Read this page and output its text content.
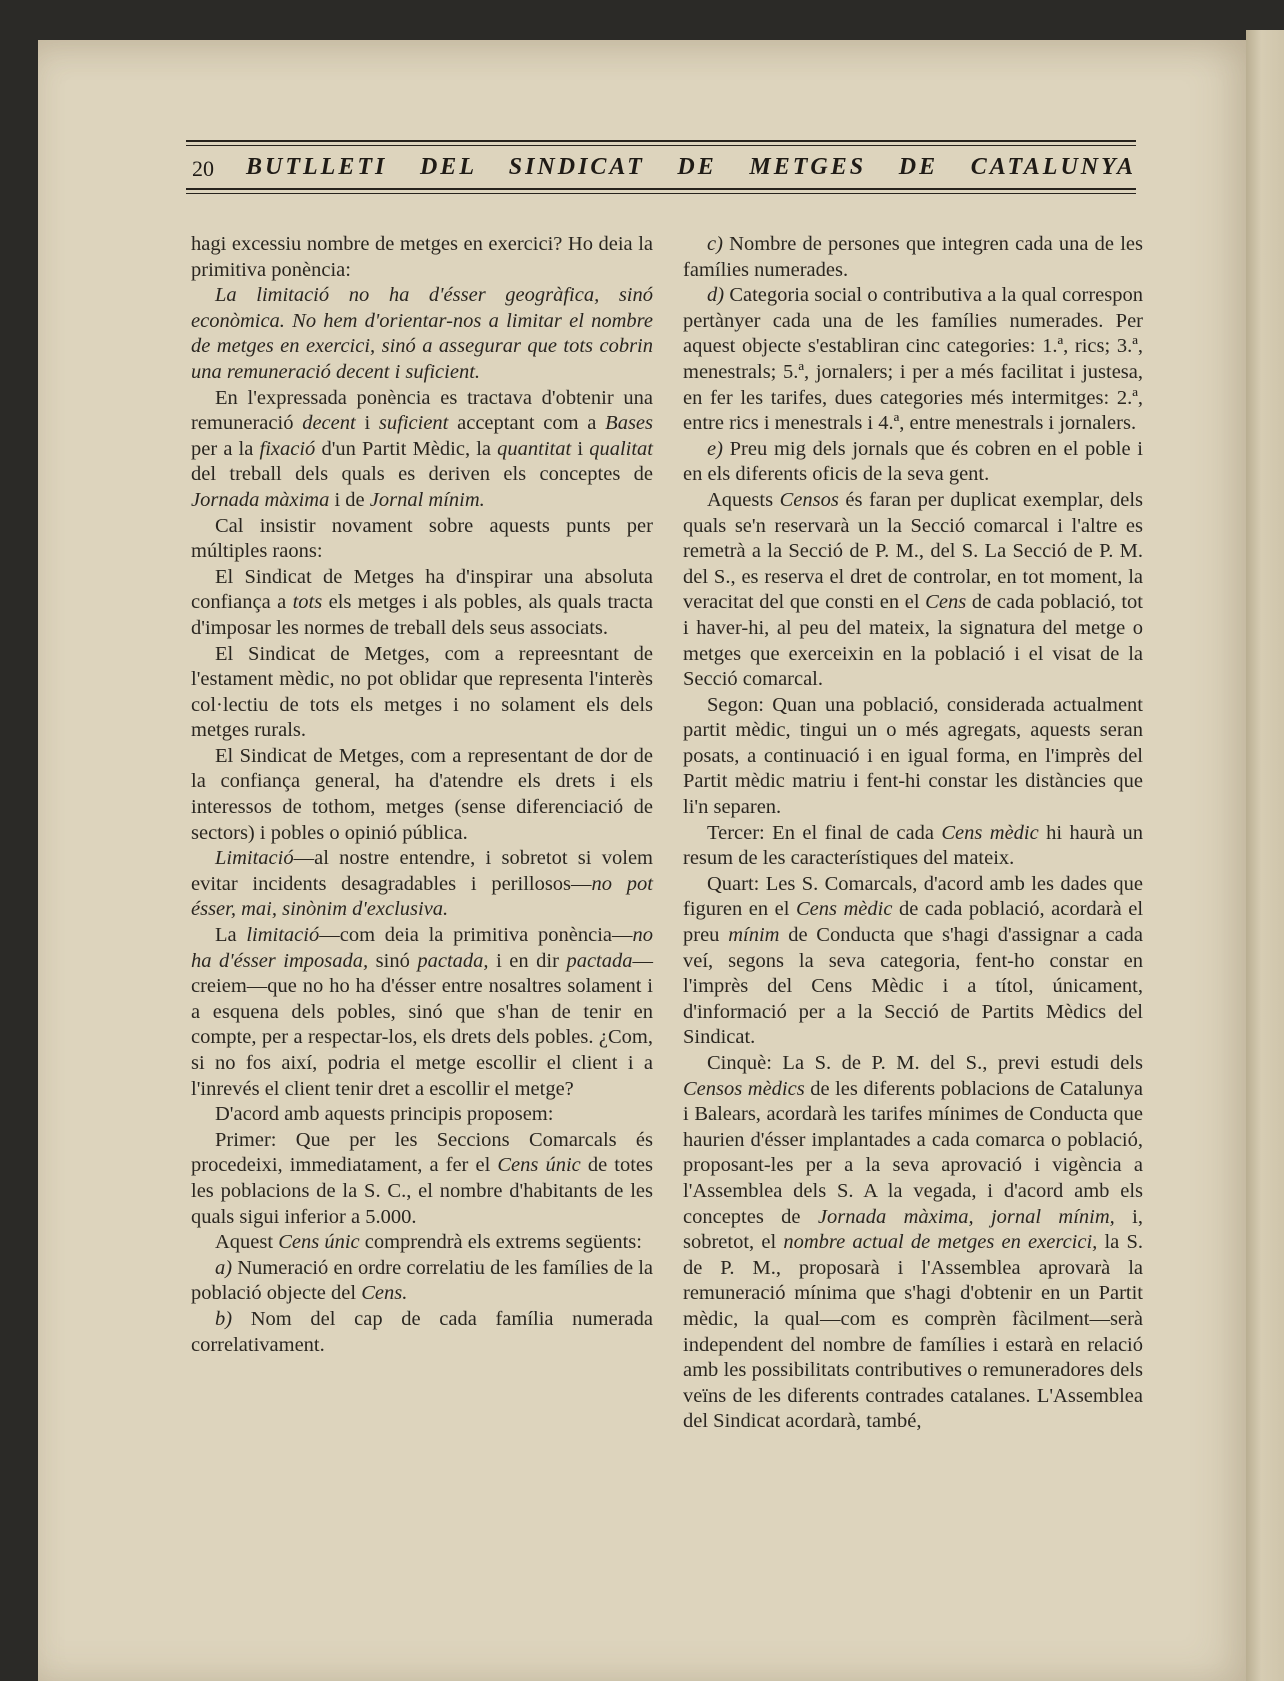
20 BUTLLETI DEL SINDICAT DE METGES DE CATALUNYA

hagi excessiu nombre de metges en exercici? Ho deia la primitiva ponència:

La limitació no ha d'ésser geogràfica, sinó econòmica. No hem d'orientar-nos a limitar el nombre de metges en exercici, sinó a assegurar que tots cobrin una remuneració decent i suficient.

En l'expressada ponència es tractava d'obtenir una remuneració decent i suficient acceptant com a Bases per a la fixació d'un Partit Mèdic, la quantitat i qualitat del treball dels quals es deriven els conceptes de Jornada màxima i de Jornal mínim.

Cal insistir novament sobre aquests punts per múltiples raons:

El Sindicat de Metges ha d'inspirar una absoluta confiança a tots els metges i als pobles, als quals tracta d'imposar les normes de treball dels seus associats.

El Sindicat de Metges, com a repreesntant de l'estament mèdic, no pot oblidar que representa l'interès col·lectiu de tots els metges i no solament els dels metges rurals.

El Sindicat de Metges, com a representant de dor de la confiança general, ha d'atendre els drets i els interessos de tothom, metges (sense diferenciació de sectors) i pobles o opinió pública.

Limitació—al nostre entendre, i sobretot si volem evitar incidents desagradables i perillosos—no pot ésser, mai, sinònim d'exclusiva.

La limitació—com deia la primitiva ponència—no ha d'ésser imposada, sinó pactada, i en dir pactada—creiem—que no ho ha d'ésser entre nosaltres solament i a esquena dels pobles, sinó que s'han de tenir en compte, per a respectar-los, els drets dels pobles. ¿Com, si no fos així, podria el metge escollir el client i a l'inrevés el client tenir dret a escollir el metge?

D'acord amb aquests principis proposem:

Primer: Que per les Seccions Comarcals és procedeixi, immediatament, a fer el Cens únic de totes les poblacions de la S. C., el nombre d'habitants de les quals sigui inferior a 5.000.

Aquest Cens únic comprendrà els extrems següents:

a) Numeració en ordre correlatiu de les famílies de la població objecte del Cens.

b) Nom del cap de cada família numerada correlativament.

c) Nombre de persones que integren cada una de les famílies numerades.

d) Categoria social o contributiva a la qual correspon pertànyer cada una de les famílies numerades. Per aquest objecte s'establiran cinc categories: 1.ª, rics; 3.ª, menestrals; 5.ª, jornalers; i per a més facilitat i justesa, en fer les tarifes, dues categories més intermitges: 2.ª, entre rics i menestrals i 4.ª, entre menestrals i jornalers.

e) Preu mig dels jornals que és cobren en el poble i en els diferents oficis de la seva gent.

Aquests Censos és faran per duplicat exemplar, dels quals se'n reservarà un la Secció comarcal i l'altre es remetrà a la Secció de P. M., del S. La Secció de P. M. del S., es reserva el dret de controlar, en tot moment, la veracitat del que consti en el Cens de cada població, tot i haver-hi, al peu del mateix, la signatura del metge o metges que exerceixin en la població i el visat de la Secció comarcal.

Segon: Quan una població, considerada actualment partit mèdic, tingui un o més agregats, aquests seran posats, a continuació i en igual forma, en l'imprès del Partit mèdic matriu i fent-hi constar les distàncies que li'n separen.

Tercer: En el final de cada Cens mèdic hi haurà un resum de les característiques del mateix.

Quart: Les S. Comarcals, d'acord amb les dades que figuren en el Cens mèdic de cada població, acordarà el preu mínim de Conducta que s'hagi d'assignar a cada veí, segons la seva categoria, fent-ho constar en l'imprès del Cens Mèdic i a títol, únicament, d'informació per a la Secció de Partits Mèdics del Sindicat.

Cinquè: La S. de P. M. del S., previ estudi dels Censos mèdics de les diferents poblacions de Catalunya i Balears, acordarà les tarifes mínimes de Conducta que haurien d'ésser implantades a cada comarca o població, proposant-les per a la seva aprovació i vigència a l'Assemblea dels S. A la vegada, i d'acord amb els conceptes de Jornada màxima, jornal mínim, i, sobretot, el nombre actual de metges en exercici, la S. de P. M., proposarà i l'Assemblea aprovarà la remuneració mínima que s'hagi d'obtenir en un Partit mèdic, la qual—com es comprèn fàcilment—serà independent del nombre de famílies i estarà en relació amb les possibilitats contributives o remuneradores dels veïns de les diferents contrades catalanes. L'Assemblea del Sindicat acordarà, també,
